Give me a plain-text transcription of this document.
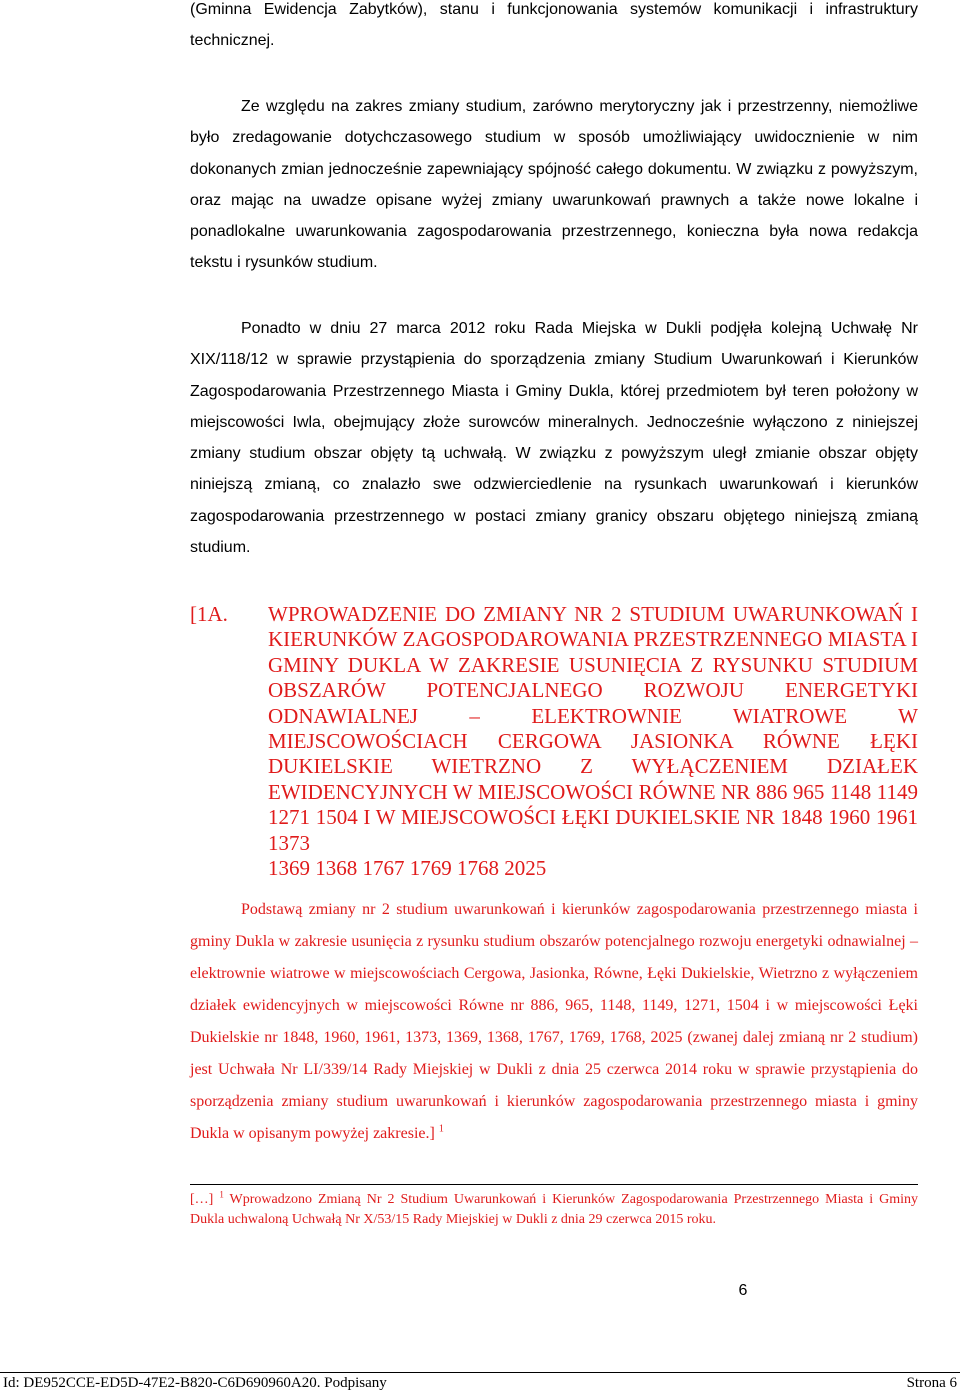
(Gminna Ewidencja Zabytków), stanu i funkcjonowania systemów komunikacji i infrastruktury technicznej.

Ze względu na zakres zmiany studium, zarówno merytoryczny jak i przestrzenny, niemożliwe było zredagowanie dotychczasowego studium w sposób umożliwiający uwidocznienie w nim dokonanych zmian jednocześnie zapewniający spójność całego dokumentu. W związku z powyższym, oraz mając na uwadze opisane wyżej zmiany uwarunkowań prawnych a także nowe lokalne i ponadlokalne uwarunkowania zagospodarowania przestrzennego, konieczna była nowa redakcja tekstu i rysunków studium.

Ponadto w dniu 27 marca 2012 roku Rada Miejska w Dukli podjęła kolejną Uchwałę Nr XIX/118/12 w sprawie przystąpienia do sporządzenia zmiany Studium Uwarunkowań i Kierunków Zagospodarowania Przestrzennego Miasta i Gminy Dukla, której przedmiotem był teren położony w miejscowości Iwla, obejmujący złoże surowców mineralnych. Jednocześnie wyłączono z niniejszej zmiany studium obszar objęty tą uchwałą. W związku z powyższym uległ zmianie obszar objęty niniejszą zmianą, co znalazło swe odzwierciedlenie na rysunkach uwarunkowań i kierunków zagospodarowania przestrzennego w postaci zmiany granicy obszaru objętego niniejszą zmianą studium.

[1A. WPROWADZENIE DO ZMIANY NR 2 STUDIUM UWARUNKOWAŃ I KIERUNKÓW ZAGOSPODAROWANIA PRZESTRZENNEGO MIASTA I GMINY DUKLA W ZAKRESIE USUNIĘCIA Z RYSUNKU STUDIUM OBSZARÓW POTENCJALNEGO ROZWOJU ENERGETYKI ODNAWIALNEJ – ELEKTROWNIE WIATROWE W MIEJSCOWOŚCIACH CERGOWA JASIONKA RÓWNE ŁĘKI DUKIELSKIE WIETRZNO Z WYŁĄCZENIEM DZIAŁEK EWIDENCYJNYCH W MIEJSCOWOŚCI RÓWNE NR 886 965 1148 1149 1271 1504 I W MIEJSCOWOŚCI ŁĘKI DUKIELSKIE NR 1848 1960 1961 1373
1369 1368 1767 1769 1768 2025

Podstawą zmiany nr 2 studium uwarunkowań i kierunków zagospodarowania przestrzennego miasta i gminy Dukla w zakresie usunięcia z rysunku studium obszarów potencjalnego rozwoju energetyki odnawialnej – elektrownie wiatrowe w miejscowościach Cergowa, Jasionka, Równe, Łęki Dukielskie, Wietrzno z wyłączeniem działek ewidencyjnych w miejscowości Równe nr 886, 965, 1148, 1149, 1271, 1504 i w miejscowości Łęki Dukielskie nr 1848, 1960, 1961, 1373, 1369, 1368, 1767, 1769, 1768, 2025 (zwanej dalej zmianą nr 2 studium) jest Uchwała Nr LI/339/14 Rady Miejskiej w Dukli z dnia 25 czerwca 2014 roku w sprawie przystąpienia do sporządzenia zmiany studium uwarunkowań i kierunków zagospodarowania przestrzennego miasta i gminy Dukla w opisanym powyżej zakresie.] $^1$

[…] $^1$ Wprowadzono Zmianą Nr 2 Studium Uwarunkowań i Kierunków Zagospodarowania Przestrzennego Miasta i Gminy Dukla uchwaloną Uchwałą Nr X/53/15 Rady Miejskiej w Dukli z dnia 29 czerwca 2015 roku.
6
Id: DE952CCE-ED5D-47E2-B820-C6D690960A20. Podpisany	Strona 6
